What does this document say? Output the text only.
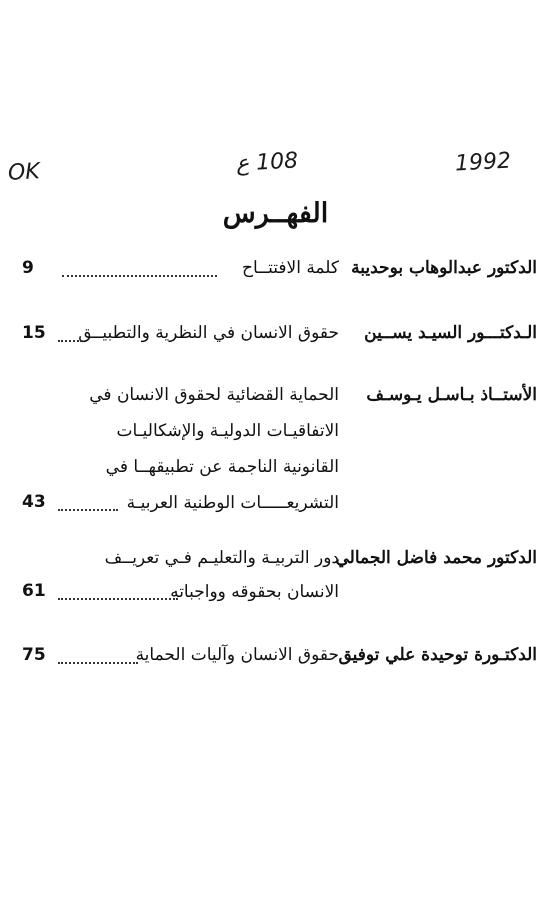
OK	108 ع	1992
الفهــرس
الدكتور عبدالوهاب بوحديبة
كلمة الافتتــاح
9
الـدكتـــور السيـد يســين
حقوق الانسان في النظرية والتطبيــق
15
الأستــاذ بـاسـل يـوسـف
الحماية القضائية لحقوق الانسان في
الاتفاقيـات الدوليـة والإشكاليـات
القانونية الناجمة عن تطبيقهــا في
التشريعـــــات الوطنية العربيـة
43
الدكتور محمد فاضل الجمالي
دور التربيـة والتعليـم فـي تعريــف
الانسان بحقوقه وواجباته
61
الدكتـورة توحيدة علي توفيق
حقوق الانسان وآليات الحماية
75
